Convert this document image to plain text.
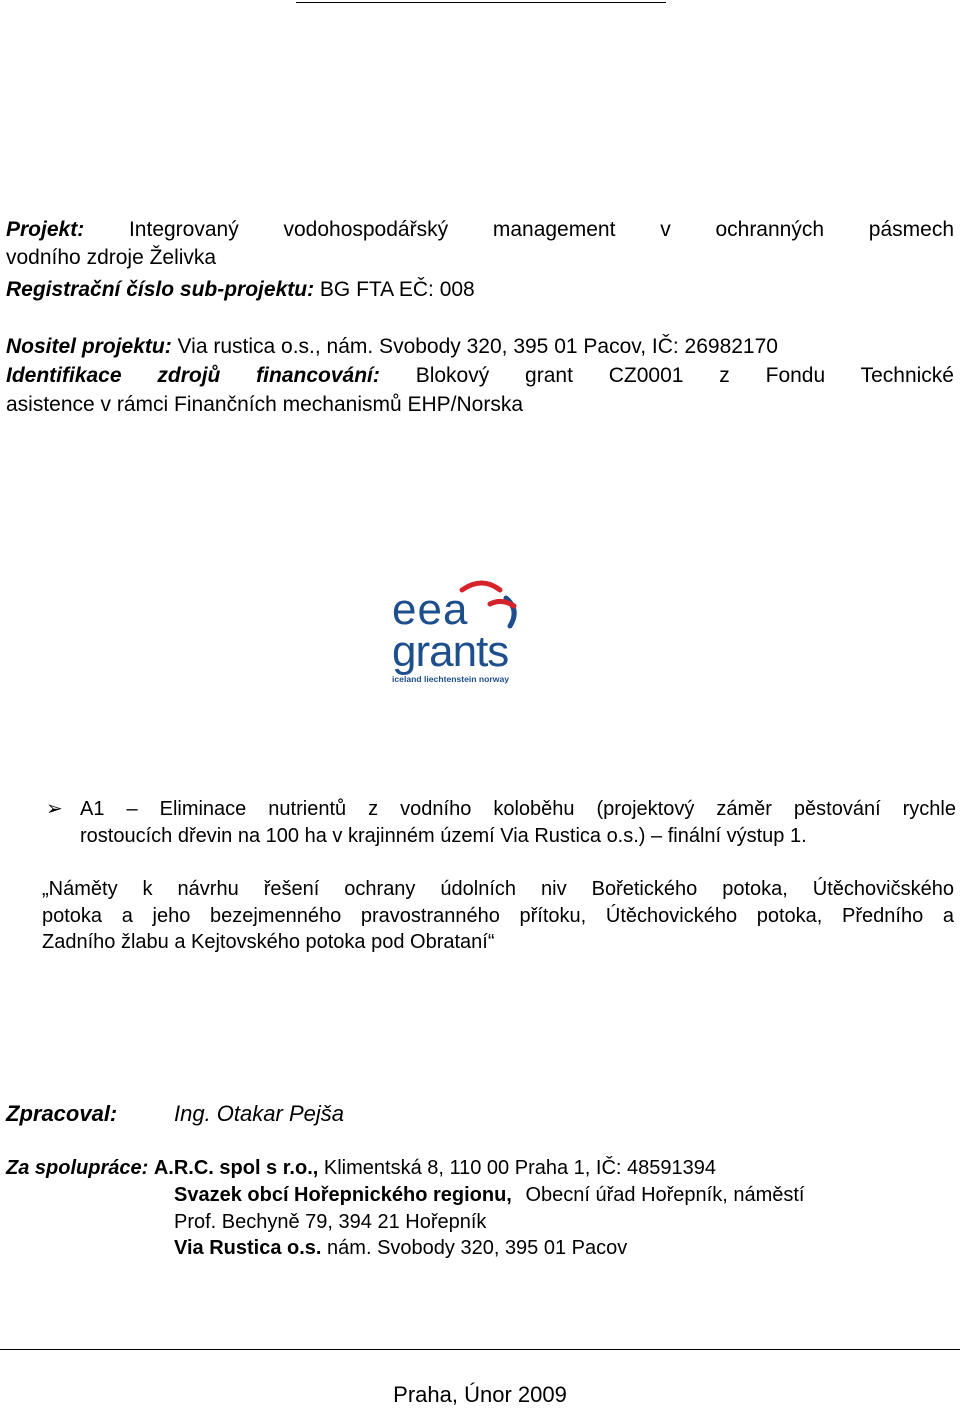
Projekt: Integrovaný vodohospodářský management v ochranných pásmech
vodního zdroje Želivka
Registrační číslo sub-projektu: BG FTA EČ: 008
Nositel projektu: Via rustica o.s., nám. Svobody 320, 395 01 Pacov, IČ: 26982170
Identifikace zdrojů financování: Blokový grant CZ0001 z Fondu Technické
asistence v rámci Finančních mechanismů EHP/Norska
eea
grants
iceland liechtenstein norway
➢ A1 – Eliminace nutrientů z vodního koloběhu (projektový záměr pěstování rychle
rostoucích dřevin na 100 ha v krajinném území Via Rustica o.s.) – finální výstup 1.
„Náměty k návrhu řešení ochrany údolních niv Bořetického potoka, Útěchovičského
potoka a jeho bezejmenného pravostranného přítoku, Útěchovického potoka, Předního a
Zadního žlabu a Kejtovského potoka pod Obrataní“
Zpracoval:	Ing. Otakar Pejša
Za spolupráce: A.R.C. spol s r.o., Klimentská 8, 110 00 Praha 1, IČ: 48591394
Svazek obcí Hořepnického regionu, Obecní úřad Hořepník, náměstí
Prof. Bechyně 79, 394 21 Hořepník
Via Rustica o.s. nám. Svobody 320, 395 01 Pacov
Praha, Únor 2009
